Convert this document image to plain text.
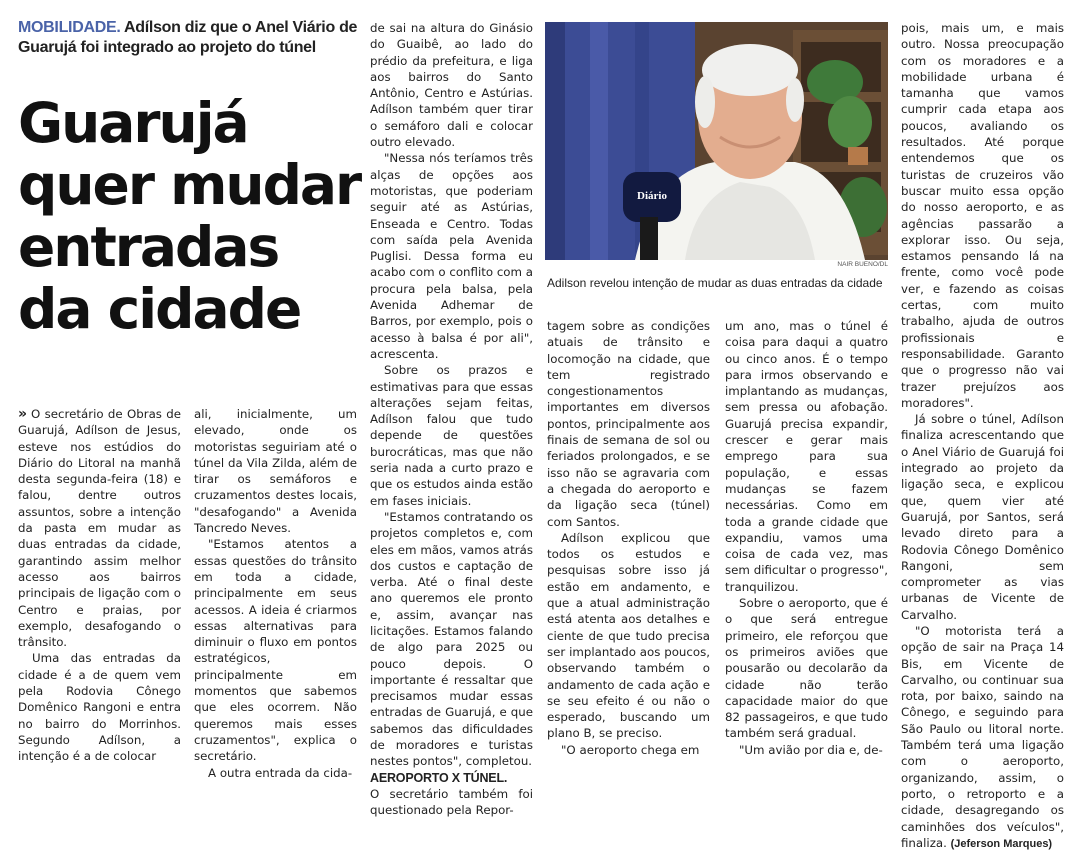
MOBILIDADE. Adílson diz que o Anel Viário de Guarujá foi integrado ao projeto do túnel
Guarujá quer mudar entradas da cidade

» O secretário de Obras de Guarujá, Adílson de Jesus, esteve nos estúdios do Diário do Litoral na manhã desta segunda-feira (18) e falou, dentre outros assuntos, sobre a intenção da pasta em mudar as duas entradas da cidade, garantindo assim melhor acesso aos bairros principais de ligação com o Centro e praias, por exemplo, desafogando o trânsito.

Uma das entradas da cidade é a de quem vem pela Rodovia Cônego Domênico Rangoni e entra no bairro do Morrinhos. Segundo Adílson, a intenção é a de colocar

ali, inicialmente, um elevado, onde os motoristas seguiriam até o túnel da Vila Zilda, além de tirar os semáforos e cruzamentos destes locais, "desafogando" a Avenida Tancredo Neves.

"Estamos atentos a essas questões do trânsito em toda a cidade, principalmente em seus acessos. A ideia é criarmos essas alternativas para diminuir o fluxo em pontos estratégicos, principalmente em momentos que sabemos que eles ocorrem. Não queremos mais esses cruzamentos", explica o secretário.

A outra entrada da cida-

de sai na altura do Ginásio do Guaibê, ao lado do prédio da prefeitura, e liga aos bairros do Santo Antônio, Centro e Astúrias. Adílson também quer tirar o semáforo dali e colocar outro elevado.

"Nessa nós teríamos três alças de opções aos motoristas, que poderiam seguir até as Astúrias, Enseada e Centro. Todas com saída pela Avenida Puglisi. Dessa forma eu acabo com o conflito com a procura pela balsa, pela Avenida Adhemar de Barros, por exemplo, pois o acesso à balsa é por ali", acrescenta.

Sobre os prazos e estimativas para que essas alterações sejam feitas, Adílson falou que tudo depende de questões burocráticas, mas que não seria nada a curto prazo e que os estudos ainda estão em fases iniciais.

"Estamos contratando os projetos completos e, com eles em mãos, vamos atrás dos custos e captação de verba. Até o final deste ano queremos ele pronto e, assim, avançar nas licitações. Estamos falando de algo para 2025 ou pouco depois. O importante é ressaltar que precisamos mudar essas entradas de Guarujá, e que sabemos das dificuldades de moradores e turistas nestes pontos", completou.

AEROPORTO X TÚNEL.

O secretário também foi questionado pela Repor-

Diário
NAIR BUENO/DL
Adilson revelou intenção de mudar as duas entradas da cidade

tagem sobre as condições atuais de trânsito e locomoção na cidade, que tem registrado congestionamentos importantes em diversos pontos, principalmente aos finais de semana de sol ou feriados prolongados, e se isso não se agravaria com a chegada do aeroporto e da ligação seca (túnel) com Santos.

Adílson explicou que todos os estudos e pesquisas sobre isso já estão em andamento, e que a atual administração está atenta aos detalhes e ciente de que tudo precisa ser implantado aos poucos, observando também o andamento de cada ação e se seu efeito é ou não o esperado, buscando um plano B, se preciso.

"O aeroporto chega em

um ano, mas o túnel é coisa para daqui a quatro ou cinco anos. É o tempo para irmos observando e implantando as mudanças, sem pressa ou afobação. Guarujá precisa expandir, crescer e gerar mais emprego para sua população, e essas mudanças se fazem necessárias. Como em toda a grande cidade que expandiu, vamos uma coisa de cada vez, mas sem dificultar o progresso", tranquilizou.

Sobre o aeroporto, que é o que será entregue primeiro, ele reforçou que os primeiros aviões que pousarão ou decolarão da cidade não terão capacidade maior do que 82 passageiros, e que tudo também será gradual.

"Um avião por dia e, de-

pois, mais um, e mais outro. Nossa preocupação com os moradores e a mobilidade urbana é tamanha que vamos cumprir cada etapa aos poucos, avaliando os resultados. Até porque entendemos que os turistas de cruzeiros vão buscar muito essa opção do nosso aeroporto, e as agências passarão a explorar isso. Ou seja, estamos pensando lá na frente, como você pode ver, e fazendo as coisas certas, com muito trabalho, ajuda de outros profissionais e responsabilidade. Garanto que o progresso não vai trazer prejuízos aos moradores".

Já sobre o túnel, Adílson finaliza acrescentando que o Anel Viário de Guarujá foi integrado ao projeto da ligação seca, e explicou que, quem vier até Guarujá, por Santos, será levado direto para a Rodovia Cônego Domênico Rangoni, sem comprometer as vias urbanas de Vicente de Carvalho.

"O motorista terá a opção de sair na Praça 14 Bis, em Vicente de Carvalho, ou continuar sua rota, por baixo, saindo na Cônego, e seguindo para São Paulo ou litoral norte. Também terá uma ligação com o aeroporto, organizando, assim, o porto, o retroporto e a cidade, desagregando os caminhões dos veículos", finaliza. (Jeferson Marques)
